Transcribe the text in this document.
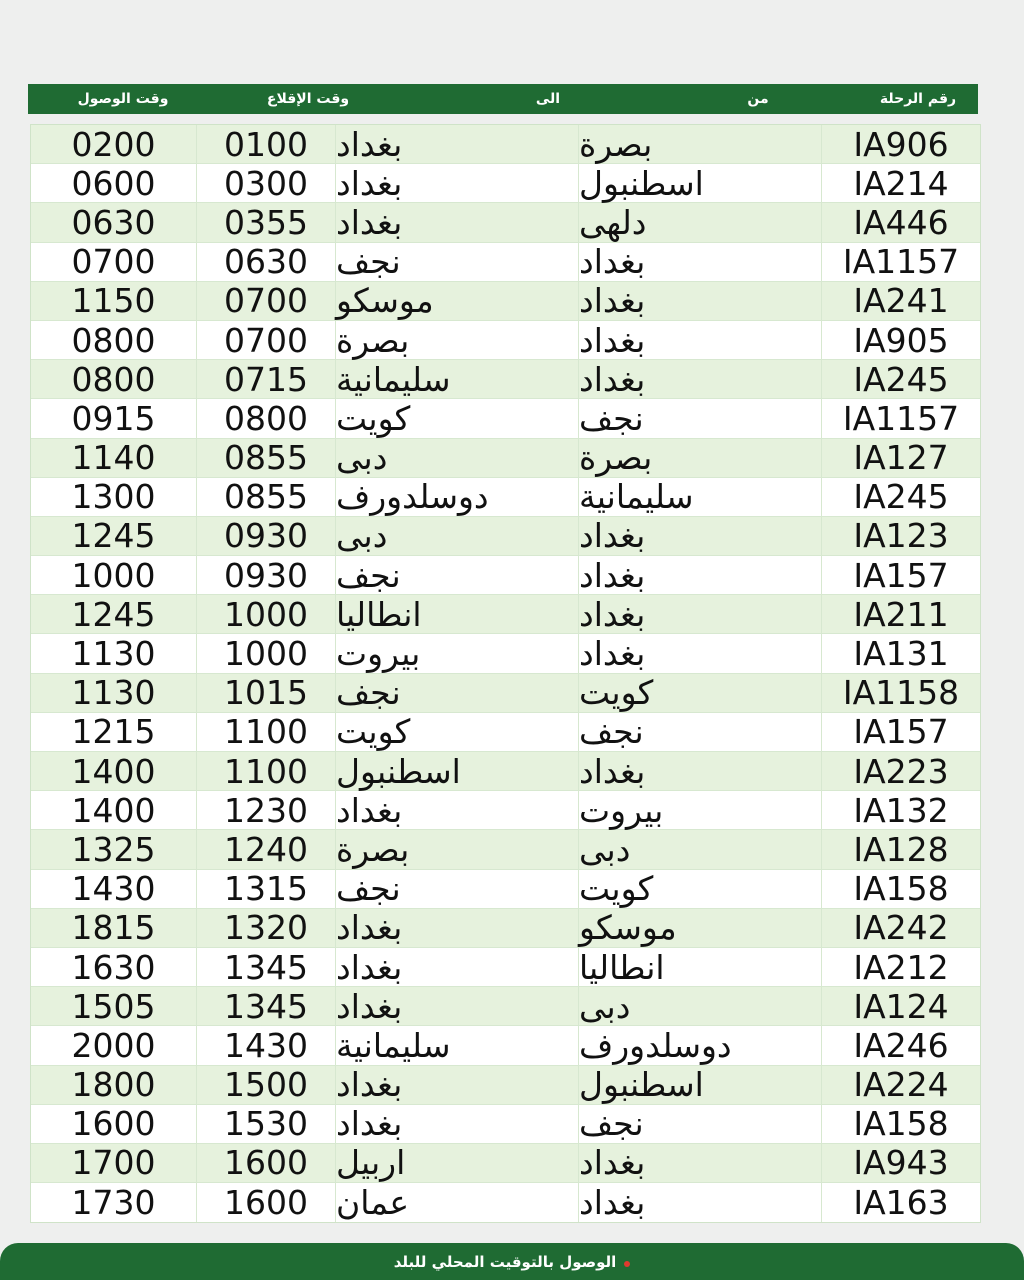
وقت الوصول	وقت الإقلاع	الى	من	رقم الرحلة
0200 0100 بغداد	بصرة	IA906
0600 0300 بغداد	اسطنبول	IA214
0630 0355 بغداد	دلهى	IA446
0700 0630 نجف	بغداد	IA1157
1150 0700 موسكو	بغداد	IA241
0800 0700 بصرة	بغداد	IA905
0800 0715 سليمانية	بغداد	IA245
0915 0800 كويت	نجف	IA1157
1140 0855 دبى	بصرة	IA127
1300 0855 دوسلدورف	سليمانية	IA245
1245 0930 دبى	بغداد	IA123
1000 0930 نجف	بغداد	IA157
1245 1000 انطاليا	بغداد	IA211
1130 1000 بيروت	بغداد	IA131
1130 1015 نجف	كويت	IA1158
1215 1100 كويت	نجف	IA157
1400 1100 اسطنبول	بغداد	IA223
1400 1230 بغداد	بيروت	IA132
1325 1240 بصرة	دبى	IA128
1430 1315 نجف	كويت	IA158
1815 1320 بغداد	موسكو	IA242
1630 1345 بغداد	انطاليا	IA212
1505 1345 بغداد	دبى	IA124
2000 1430 سليمانية	دوسلدورف	IA246
1800 1500 بغداد	اسطنبول	IA224
1600 1530 بغداد	نجف	IA158
1700 1600 اربيل	بغداد	IA943
1730 1600 عمان	بغداد	IA163
الوصول بالتوقيت المحلي للبلد
